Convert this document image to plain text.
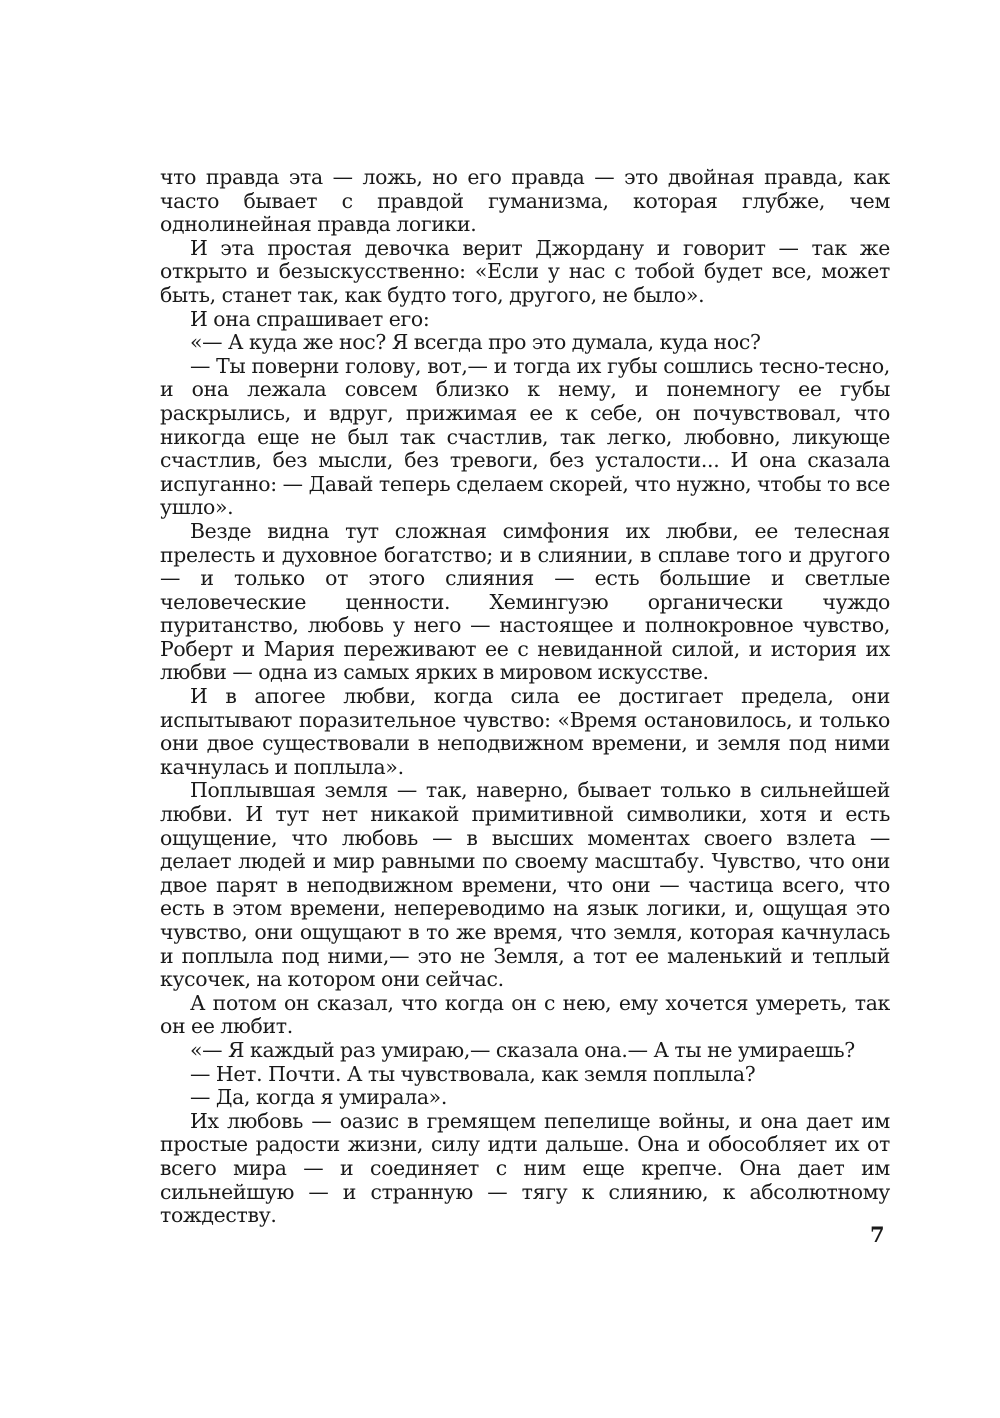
что правда эта — ложь, но его правда — это двойная правда, как часто бывает с правдой гуманизма, которая глубже, чем однолинейная правда логики.

И эта простая девочка верит Джордану и говорит — так же открыто и безыскусственно: «Если у нас с тобой будет все, может быть, станет так, как будто того, другого, не было».

И она спрашивает его:

«— А куда же нос? Я всегда про это думала, куда нос?

— Ты поверни голову, вот,— и тогда их губы сошлись тесно-тесно, и она лежала совсем близко к нему, и понемногу ее губы раскрылись, и вдруг, прижимая ее к себе, он почувствовал, что никогда еще не был так счастлив, так легко, любовно, ликующе счастлив, без мысли, без тревоги, без усталости... И она сказала испуганно: — Давай теперь сделаем скорей, что нужно, чтобы то все ушло».

Везде видна тут сложная симфония их любви, ее телесная прелесть и духовное богатство; и в слиянии, в сплаве того и другого — и только от этого слияния — есть большие и светлые человеческие ценности. Хемингуэю органически чуждо пуританство, любовь у него — настоящее и полнокровное чувство, Роберт и Мария переживают ее с невиданной силой, и история их любви — одна из самых ярких в мировом искусстве.

И в апогее любви, когда сила ее достигает предела, они испытывают поразительное чувство: «Время остановилось, и только они двое существовали в неподвижном времени, и земля под ними качнулась и поплыла».

Поплывшая земля — так, наверно, бывает только в сильнейшей любви. И тут нет никакой примитивной символики, хотя и есть ощущение, что любовь — в высших моментах своего взлета — делает людей и мир равными по своему масштабу. Чувство, что они двое парят в неподвижном времени, что они — частица всего, что есть в этом времени, непереводимо на язык логики, и, ощущая это чувство, они ощущают в то же время, что земля, которая качнулась и поплыла под ними,— это не Земля, а тот ее маленький и теплый кусочек, на котором они сейчас.

А потом он сказал, что когда он с нею, ему хочется умереть, так он ее любит.

«— Я каждый раз умираю,— сказала она.— А ты не умираешь?

— Нет. Почти. А ты чувствовала, как земля поплыла?

— Да, когда я умирала».

Их любовь — оазис в гремящем пепелище войны, и она дает им простые радости жизни, силу идти дальше. Она и обособляет их от всего мира — и соединяет с ним еще крепче. Она дает им сильнейшую — и странную — тягу к слиянию, к абсолютному тождеству.

7
